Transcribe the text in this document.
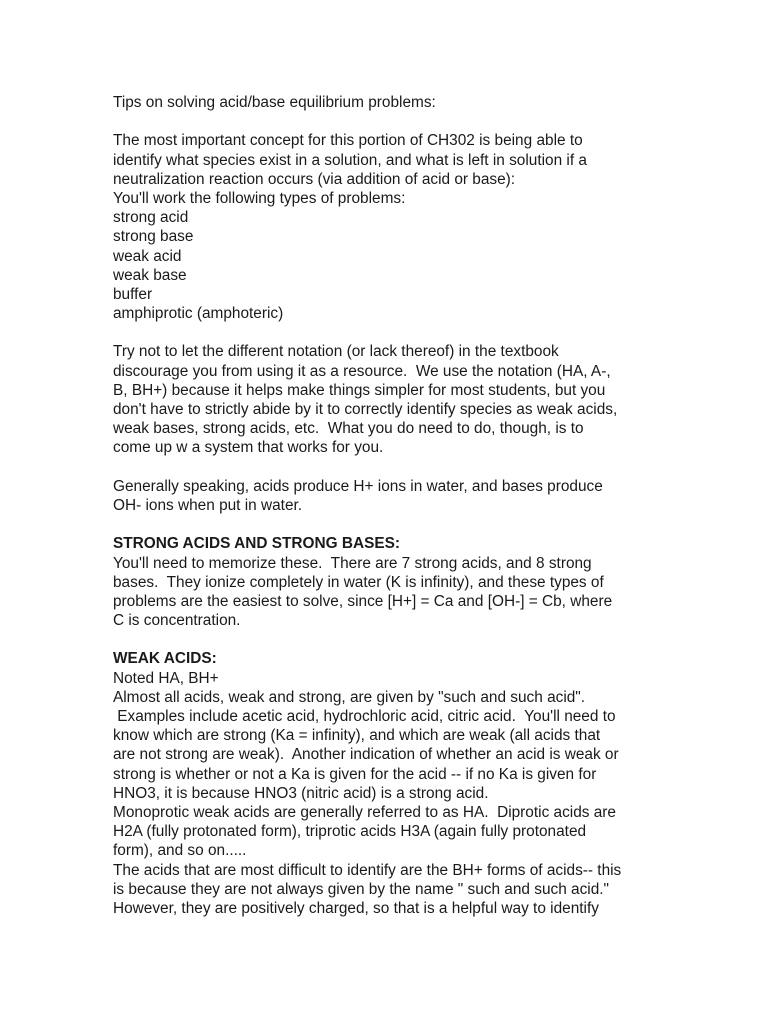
Tips on solving acid/base equilibrium problems:
The most important concept for this portion of CH302 is being able to
identify what species exist in a solution, and what is left in solution if a
neutralization reaction occurs (via addition of acid or base):
You'll work the following types of problems:
strong acid
strong base
weak acid
weak base
buffer
amphiprotic (amphoteric)
Try not to let the different notation (or lack thereof) in the textbook
discourage you from using it as a resource.  We use the notation (HA, A-,
B, BH+) because it helps make things simpler for most students, but you
don't have to strictly abide by it to correctly identify species as weak acids,
weak bases, strong acids, etc.  What you do need to do, though, is to
come up w a system that works for you.
Generally speaking, acids produce H+ ions in water, and bases produce
OH- ions when put in water.
STRONG ACIDS AND STRONG BASES:
You'll need to memorize these.  There are 7 strong acids, and 8 strong
bases.  They ionize completely in water (K is infinity), and these types of
problems are the easiest to solve, since [H+] = Ca and [OH-] = Cb, where
C is concentration.
WEAK ACIDS:
Noted HA, BH+
Almost all acids, weak and strong, are given by "such and such acid".
Examples include acetic acid, hydrochloric acid, citric acid.  You'll need to
know which are strong (Ka = infinity), and which are weak (all acids that
are not strong are weak).  Another indication of whether an acid is weak or
strong is whether or not a Ka is given for the acid -- if no Ka is given for
HNO3, it is because HNO3 (nitric acid) is a strong acid.
Monoprotic weak acids are generally referred to as HA.  Diprotic acids are
H2A (fully protonated form), triprotic acids H3A (again fully protonated
form), and so on.....
The acids that are most difficult to identify are the BH+ forms of acids-- this
is because they are not always given by the name " such and such acid."
However, they are positively charged, so that is a helpful way to identify
